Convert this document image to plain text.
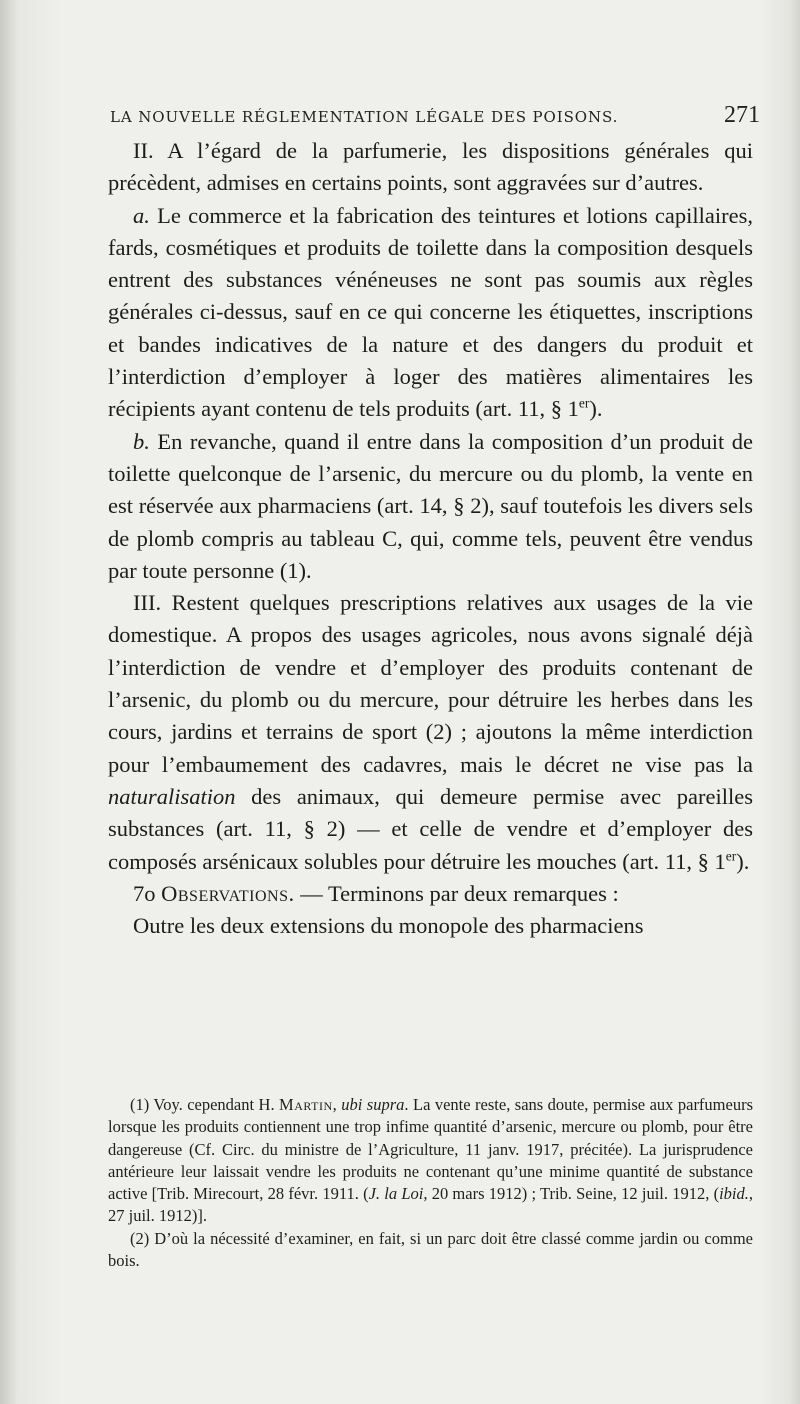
LA NOUVELLE RÉGLEMENTATION LÉGALE DES POISONS.	271

II. A l’égard de la parfumerie, les dispositions générales qui précèdent, admises en certains points, sont aggravées sur d’autres.

a. Le commerce et la fabrication des teintures et lotions capillaires, fards, cosmétiques et produits de toilette dans la composition desquels entrent des substances vénéneuses ne sont pas soumis aux règles générales ci-dessus, sauf en ce qui concerne les étiquettes, inscriptions et bandes indicatives de la nature et des dangers du produit et l’interdiction d’employer à loger des matières alimentaires les récipients ayant contenu de tels produits (art. 11, § 1er).

b. En revanche, quand il entre dans la composition d’un produit de toilette quelconque de l’arsenic, du mercure ou du plomb, la vente en est réservée aux pharmaciens (art. 14, § 2), sauf toutefois les divers sels de plomb compris au tableau C, qui, comme tels, peuvent être vendus par toute personne (1).

III. Restent quelques prescriptions relatives aux usages de la vie domestique. A propos des usages agricoles, nous avons signalé déjà l’interdiction de vendre et d’employer des produits contenant de l’arsenic, du plomb ou du mercure, pour détruire les herbes dans les cours, jardins et terrains de sport (2) ; ajoutons la même interdiction pour l’embaumement des cadavres, mais le décret ne vise pas la naturalisation des animaux, qui demeure permise avec pareilles substances (art. 11, § 2) — et celle de vendre et d’employer des composés arsénicaux solubles pour détruire les mouches (art. 11, § 1er).

7o Observations. — Terminons par deux remarques :

Outre les deux extensions du monopole des pharmaciens

(1) Voy. cependant H. Martin, ubi supra. La vente reste, sans doute, permise aux parfumeurs lorsque les produits contiennent une trop infime quantité d’arsenic, mercure ou plomb, pour être dangereuse (Cf. Circ. du ministre de l’Agriculture, 11 janv. 1917, précitée). La jurisprudence antérieure leur laissait vendre les produits ne contenant qu’une minime quantité de substance active [Trib. Mirecourt, 28 févr. 1911. (J. la Loi, 20 mars 1912) ; Trib. Seine, 12 juil. 1912, (ibid., 27 juil. 1912)].

(2) D’où la nécessité d’examiner, en fait, si un parc doit être classé comme jardin ou comme bois.
